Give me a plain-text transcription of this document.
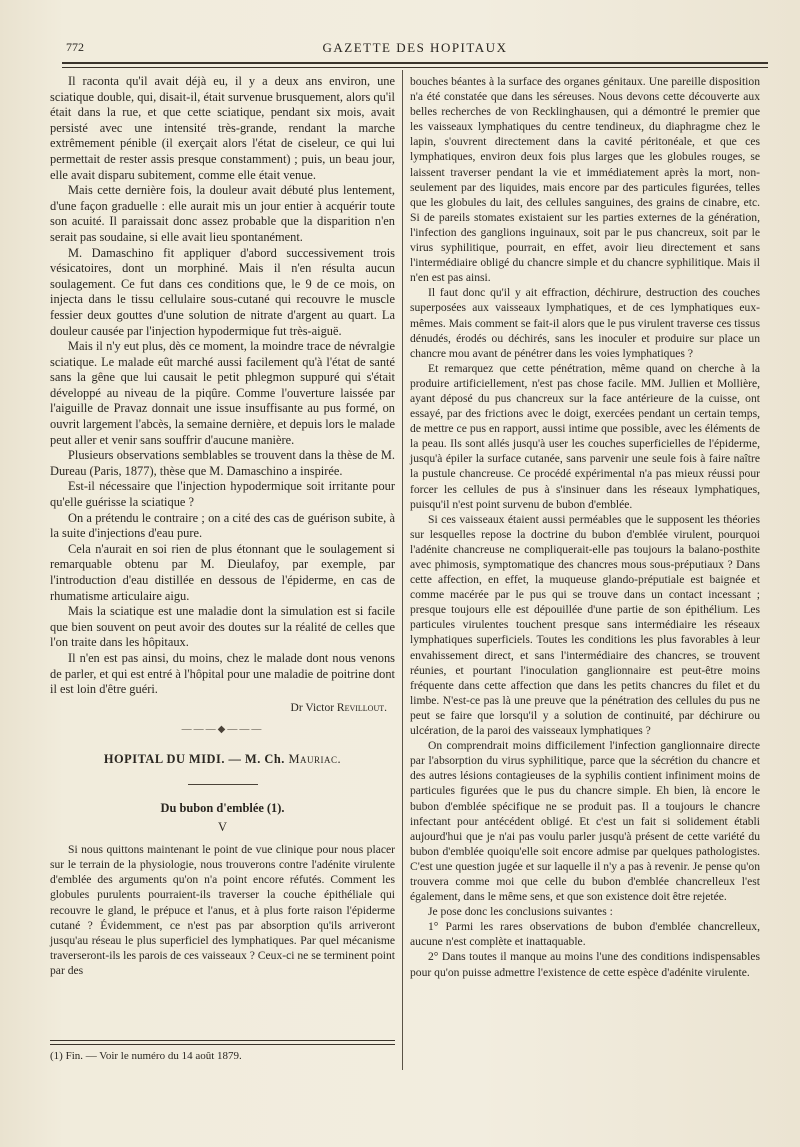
772	GAZETTE DES HOPITAUX

Il raconta qu'il avait déjà eu, il y a deux ans environ, une sciatique double, qui, disait-il, était survenue brusquement, alors qu'il était dans la rue, et que cette sciatique, pendant six mois, avait persisté avec une intensité très-grande, rendant la marche extrêmement pénible (il exerçait alors l'état de ciseleur, ce qui lui permettait de rester assis presque constamment) ; puis, un beau jour, elle avait disparu subitement, comme elle était venue.

Mais cette dernière fois, la douleur avait débuté plus lentement, d'une façon graduelle : elle aurait mis un jour entier à acquérir toute son acuité. Il paraissait donc assez probable que la disparition n'en serait pas soudaine, si elle avait lieu spontanément.

M. Damaschino fit appliquer d'abord successivement trois vésicatoires, dont un morphiné. Mais il n'en résulta aucun soulagement. Ce fut dans ces conditions que, le 9 de ce mois, on injecta dans le tissu cellulaire sous-cutané qui recouvre le muscle fessier deux gouttes d'une solution de nitrate d'argent au quart. La douleur causée par l'injection hypodermique fut très-aiguë.

Mais il n'y eut plus, dès ce moment, la moindre trace de névralgie sciatique. Le malade eût marché aussi facilement qu'à l'état de santé sans la gêne que lui causait le petit phlegmon suppuré qui s'était développé au niveau de la piqûre. Comme l'ouverture laissée par l'aiguille de Pravaz donnait une issue insuffisante au pus formé, on ouvrit largement l'abcès, la semaine dernière, et depuis lors le malade peut aller et venir sans souffrir d'aucune manière.

Plusieurs observations semblables se trouvent dans la thèse de M. Dureau (Paris, 1877), thèse que M. Damaschino a inspirée.

Est-il nécessaire que l'injection hypodermique soit irritante pour qu'elle guérisse la sciatique ?

On a prétendu le contraire ; on a cité des cas de guérison subite, à la suite d'injections d'eau pure.

Cela n'aurait en soi rien de plus étonnant que le soulagement si remarquable obtenu par M. Dieulafoy, par exemple, par l'introduction d'eau distillée en dessous de l'épiderme, en cas de rhumatisme articulaire aigu.

Mais la sciatique est une maladie dont la simulation est si facile que bien souvent on peut avoir des doutes sur la réalité de celles que l'on traite dans les hôpitaux.

Il n'en est pas ainsi, du moins, chez le malade dont nous venons de parler, et qui est entré à l'hôpital pour une maladie de poitrine dont il est loin d'être guéri.

Dr Victor Revillout.
———◆———
HOPITAL DU MIDI. — M. Ch. Mauriac.
Du bubon d'emblée (1).
V

Si nous quittons maintenant le point de vue clinique pour nous placer sur le terrain de la physiologie, nous trouverons contre l'adénite virulente d'emblée des arguments qu'on n'a point encore réfutés. Comment les globules purulents pourraient-ils traverser la couche épithéliale qui recouvre le gland, le prépuce et l'anus, et à plus forte raison l'épiderme cutané ? Évidemment, ce n'est pas par absorption qu'ils arriveront jusqu'au réseau le plus superficiel des lymphatiques. Par quel mécanisme traverseront-ils les parois de ces vaisseaux ? Ceux-ci ne se terminent point par des

(1) Fin. — Voir le numéro du 14 août 1879.

bouches béantes à la surface des organes génitaux. Une pareille disposition n'a été constatée que dans les séreuses. Nous devons cette découverte aux belles recherches de von Recklinghausen, qui a démontré le premier que les vaisseaux lymphatiques du centre tendineux, du diaphragme chez le lapin, s'ouvrent directement dans la cavité péritonéale, et que ces lymphatiques, environ deux fois plus larges que les globules rouges, se laissent traverser pendant la vie et immédiatement après la mort, non-seulement par des liquides, mais encore par des particules figurées, telles que les globules du lait, des cellules sanguines, des grains de cinabre, etc. Si de pareils stomates existaient sur les parties externes de la génération, l'infection des ganglions inguinaux, soit par le pus chancreux, soit par le virus syphilitique, pourrait, en effet, avoir lieu directement et sans l'intermédiaire obligé du chancre simple et du chancre syphilitique. Mais il n'en est pas ainsi.

Il faut donc qu'il y ait effraction, déchirure, destruction des couches superposées aux vaisseaux lymphatiques, et de ces lymphatiques eux-mêmes. Mais comment se fait-il alors que le pus virulent traverse ces tissus dénudés, érodés ou déchirés, sans les inoculer et produire sur place un chancre mou avant de pénétrer dans les voies lymphatiques ?

Et remarquez que cette pénétration, même quand on cherche à la produire artificiellement, n'est pas chose facile. MM. Jullien et Mollière, ayant déposé du pus chancreux sur la face antérieure de la cuisse, ont essayé, par des frictions avec le doigt, exercées pendant un certain temps, de mettre ce pus en rapport, aussi intime que possible, avec les éléments de la peau. Ils sont allés jusqu'à user les couches superficielles de l'épiderme, jusqu'à épiler la surface cutanée, sans parvenir une seule fois à faire naître la pustule chancreuse. Ce procédé expérimental n'a pas mieux réussi pour forcer les cellules de pus à s'insinuer dans les réseaux lymphatiques, puisqu'il n'est point survenu de bubon d'emblée.

Si ces vaisseaux étaient aussi perméables que le supposent les théories sur lesquelles repose la doctrine du bubon d'emblée virulent, pourquoi l'adénite chancreuse ne compliquerait-elle pas toujours la balano-posthite avec phimosis, symptomatique des chancres mous sous-préputiaux ? Dans cette affection, en effet, la muqueuse glando-préputiale est baignée et comme macérée par le pus qui se trouve dans un contact incessant ; presque toujours elle est dépouillée d'une partie de son épithélium. Les particules virulentes touchent presque sans intermédiaire les réseaux lymphatiques superficiels. Toutes les conditions les plus favorables à leur envahissement direct, et sans l'intermédiaire des chancres, se trouvent réunies, et pourtant l'inoculation ganglionnaire est peut-être moins fréquente dans cette affection que dans les petits chancres du filet et du limbe. N'est-ce pas là une preuve que la pénétration des cellules du pus ne peut se faire que lorsqu'il y a solution de continuité, par déchirure ou ulcération, de la paroi des vaisseaux lymphatiques ?

On comprendrait moins difficilement l'infection ganglionnaire directe par l'absorption du virus syphilitique, parce que la sécrétion du chancre et des autres lésions contagieuses de la syphilis contient infiniment moins de particules figurées que le pus du chancre simple. Eh bien, là encore le bubon d'emblée spécifique ne se produit pas. Il a toujours le chancre infectant pour antécédent obligé. Et c'est un fait si solidement établi aujourd'hui que je n'ai pas voulu parler jusqu'à présent de cette variété du bubon d'emblée quoiqu'elle soit encore admise par quelques pathologistes. C'est une question jugée et sur laquelle il n'y a pas à revenir. Je pense qu'on trouvera comme moi que celle du bubon d'emblée chancrelleux l'est également, dans le même sens, et que son existence doit être rejetée.

Je pose donc les conclusions suivantes :

1° Parmi les rares observations de bubon d'emblée chancrelleux, aucune n'est complète et inattaquable.

2° Dans toutes il manque au moins l'une des conditions indispensables pour qu'on puisse admettre l'existence de cette espèce d'adénite virulente.
